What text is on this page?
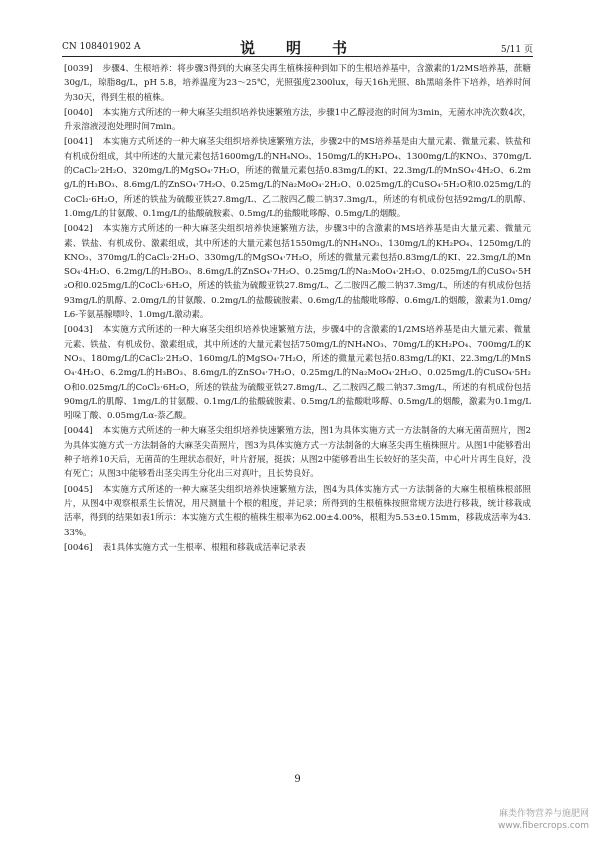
CN 108401902 A	说　明　书	5/11 页

[0039] 步骤4、生根培养：将步骤3得到的大麻茎尖再生植株接种到如下的生根培养基中，含激素的1/2MS培养基，蔗糖30g/L，琼脂8g/L，pH 5.8，培养温度为23～25℃，光照强度2300lux，每天16h光照、8h黑暗条件下培养，培养时间为30天，得到生根的植株。

[0040] 本实施方式所述的一种大麻茎尖组织培养快速繁殖方法，步骤1中乙醇浸泡的时间为3min，无菌水冲洗次数4次，升汞溶液浸泡处理时间7min。

[0041] 本实施方式所述的一种大麻茎尖组织培养快速繁殖方法，步骤2中的MS培养基是由大量元素、微量元素、铁盐和有机成份组成，其中所述的大量元素包括1600mg/L的NH₄NO₃、150mg/L的KH₂PO₄、1300mg/L的KNO₃、370mg/L的CaCl₂·2H₂O、320mg/L的MgSO₄·7H₂O，所述的微量元素包括0.83mg/L的KI、22.3mg/L的MnSO₄·4H₂O、6.2mg/L的H₃BO₃、8.6mg/L的ZnSO₄·7H₂O、0.25mg/L的Na₂MoO₄·2H₂O、0.025mg/L的CuSO₄·5H₂O和0.025mg/L的CoCl₂·6H₂O，所述的铁盐为硫酸亚铁27.8mg/L、乙二胺四乙酸二钠37.3mg/L，所述的有机成份包括92mg/L的肌醇、1.0mg/L的甘氨酸、0.1mg/L的盐酸硫胺素、0.5mg/L的盐酸吡哆醇、0.5mg/L的烟酸。

[0042] 本实施方式所述的一种大麻茎尖组织培养快速繁殖方法，步骤3中的含激素的MS培养基是由大量元素、微量元素、铁盐、有机成份、激素组成，其中所述的大量元素包括1550mg/L的NH₄NO₃、130mg/L的KH₂PO₄、1250mg/L的KNO₃、370mg/L的CaCl₂·2H₂O、330mg/L的MgSO₄·7H₂O，所述的微量元素包括0.83mg/L的KI、22.3mg/L的MnSO₄·4H₂O、6.2mg/L的H₃BO₃、8.6mg/L的ZnSO₄·7H₂O、0.25mg/L的Na₂MoO₄·2H₂O、0.025mg/L的CuSO₄·5H₂O和0.025mg/L的CoCl₂·6H₂O，所述的铁盐为硫酸亚铁27.8mg/L、乙二胺四乙酸二钠37.3mg/L，所述的有机成份包括93mg/L的肌醇、2.0mg/L的甘氨酸、0.2mg/L的盐酸硫胺素、0.6mg/L的盐酸吡哆醇、0.6mg/L的烟酸，激素为1.0mg/L6-苄氨基腺嘌呤、1.0mg/L激动素。

[0043] 本实施方式所述的一种大麻茎尖组织培养快速繁殖方法，步骤4中的含激素的1/2MS培养基是由大量元素、微量元素、铁盐、有机成份、激素组成，其中所述的大量元素包括750mg/L的NH₄NO₃、70mg/L的KH₂PO₄、700mg/L的KNO₃、180mg/L的CaCl₂·2H₂O、160mg/L的MgSO₄·7H₂O，所述的微量元素包括0.83mg/L的KI、22.3mg/L的MnSO₄·4H₂O、6.2mg/L的H₃BO₃、8.6mg/L的ZnSO₄·7H₂O、0.25mg/L的Na₂MoO₄·2H₂O、0.025mg/L的CuSO₄·5H₂O和0.025mg/L的CoCl₂·6H₂O，所述的铁盐为硫酸亚铁27.8mg/L、乙二胺四乙酸二钠37.3mg/L，所述的有机成份包括90mg/L的肌醇、1mg/L的甘氨酸、0.1mg/L的盐酸硫胺素、0.5mg/L的盐酸吡哆醇、0.5mg/L的烟酸，激素为0.1mg/L吲哚丁酸、0.05mg/Lα-萘乙酸。

[0044] 本实施方式所述的一种大麻茎尖组织培养快速繁殖方法，图1为具体实施方式一方法制备的大麻无菌苗照片，图2为具体实施方式一方法制备的大麻茎尖苗照片，图3为具体实施方式一方法制备的大麻茎尖再生植株照片。从图1中能够看出种子培养10天后，无菌苗的生理状态很好，叶片舒展，挺拔；从图2中能够看出生长较好的茎尖苗，中心叶片再生良好，没有死亡；从图3中能够看出茎尖再生分化出三对真叶，且长势良好。

[0045] 本实施方式所述的一种大麻茎尖组织培养快速繁殖方法，图4为具体实施方式一方法制备的大麻生根植株根部照片，从图4中观察根系生长情况，用尺测量十个根的粗度，并记录；所得到的生根植株按照常规方法进行移栽，统计移栽成活率，得到的结果如表1所示：本实施方式生根的植株生根率为62.00±4.00%，根粗为5.53±0.15mm，移栽成活率为43.33%。

[0046] 表1具体实施方式一生根率、根粗和移栽成活率记录表

9
麻类作物营养与施肥网
www.fibercrops.com
